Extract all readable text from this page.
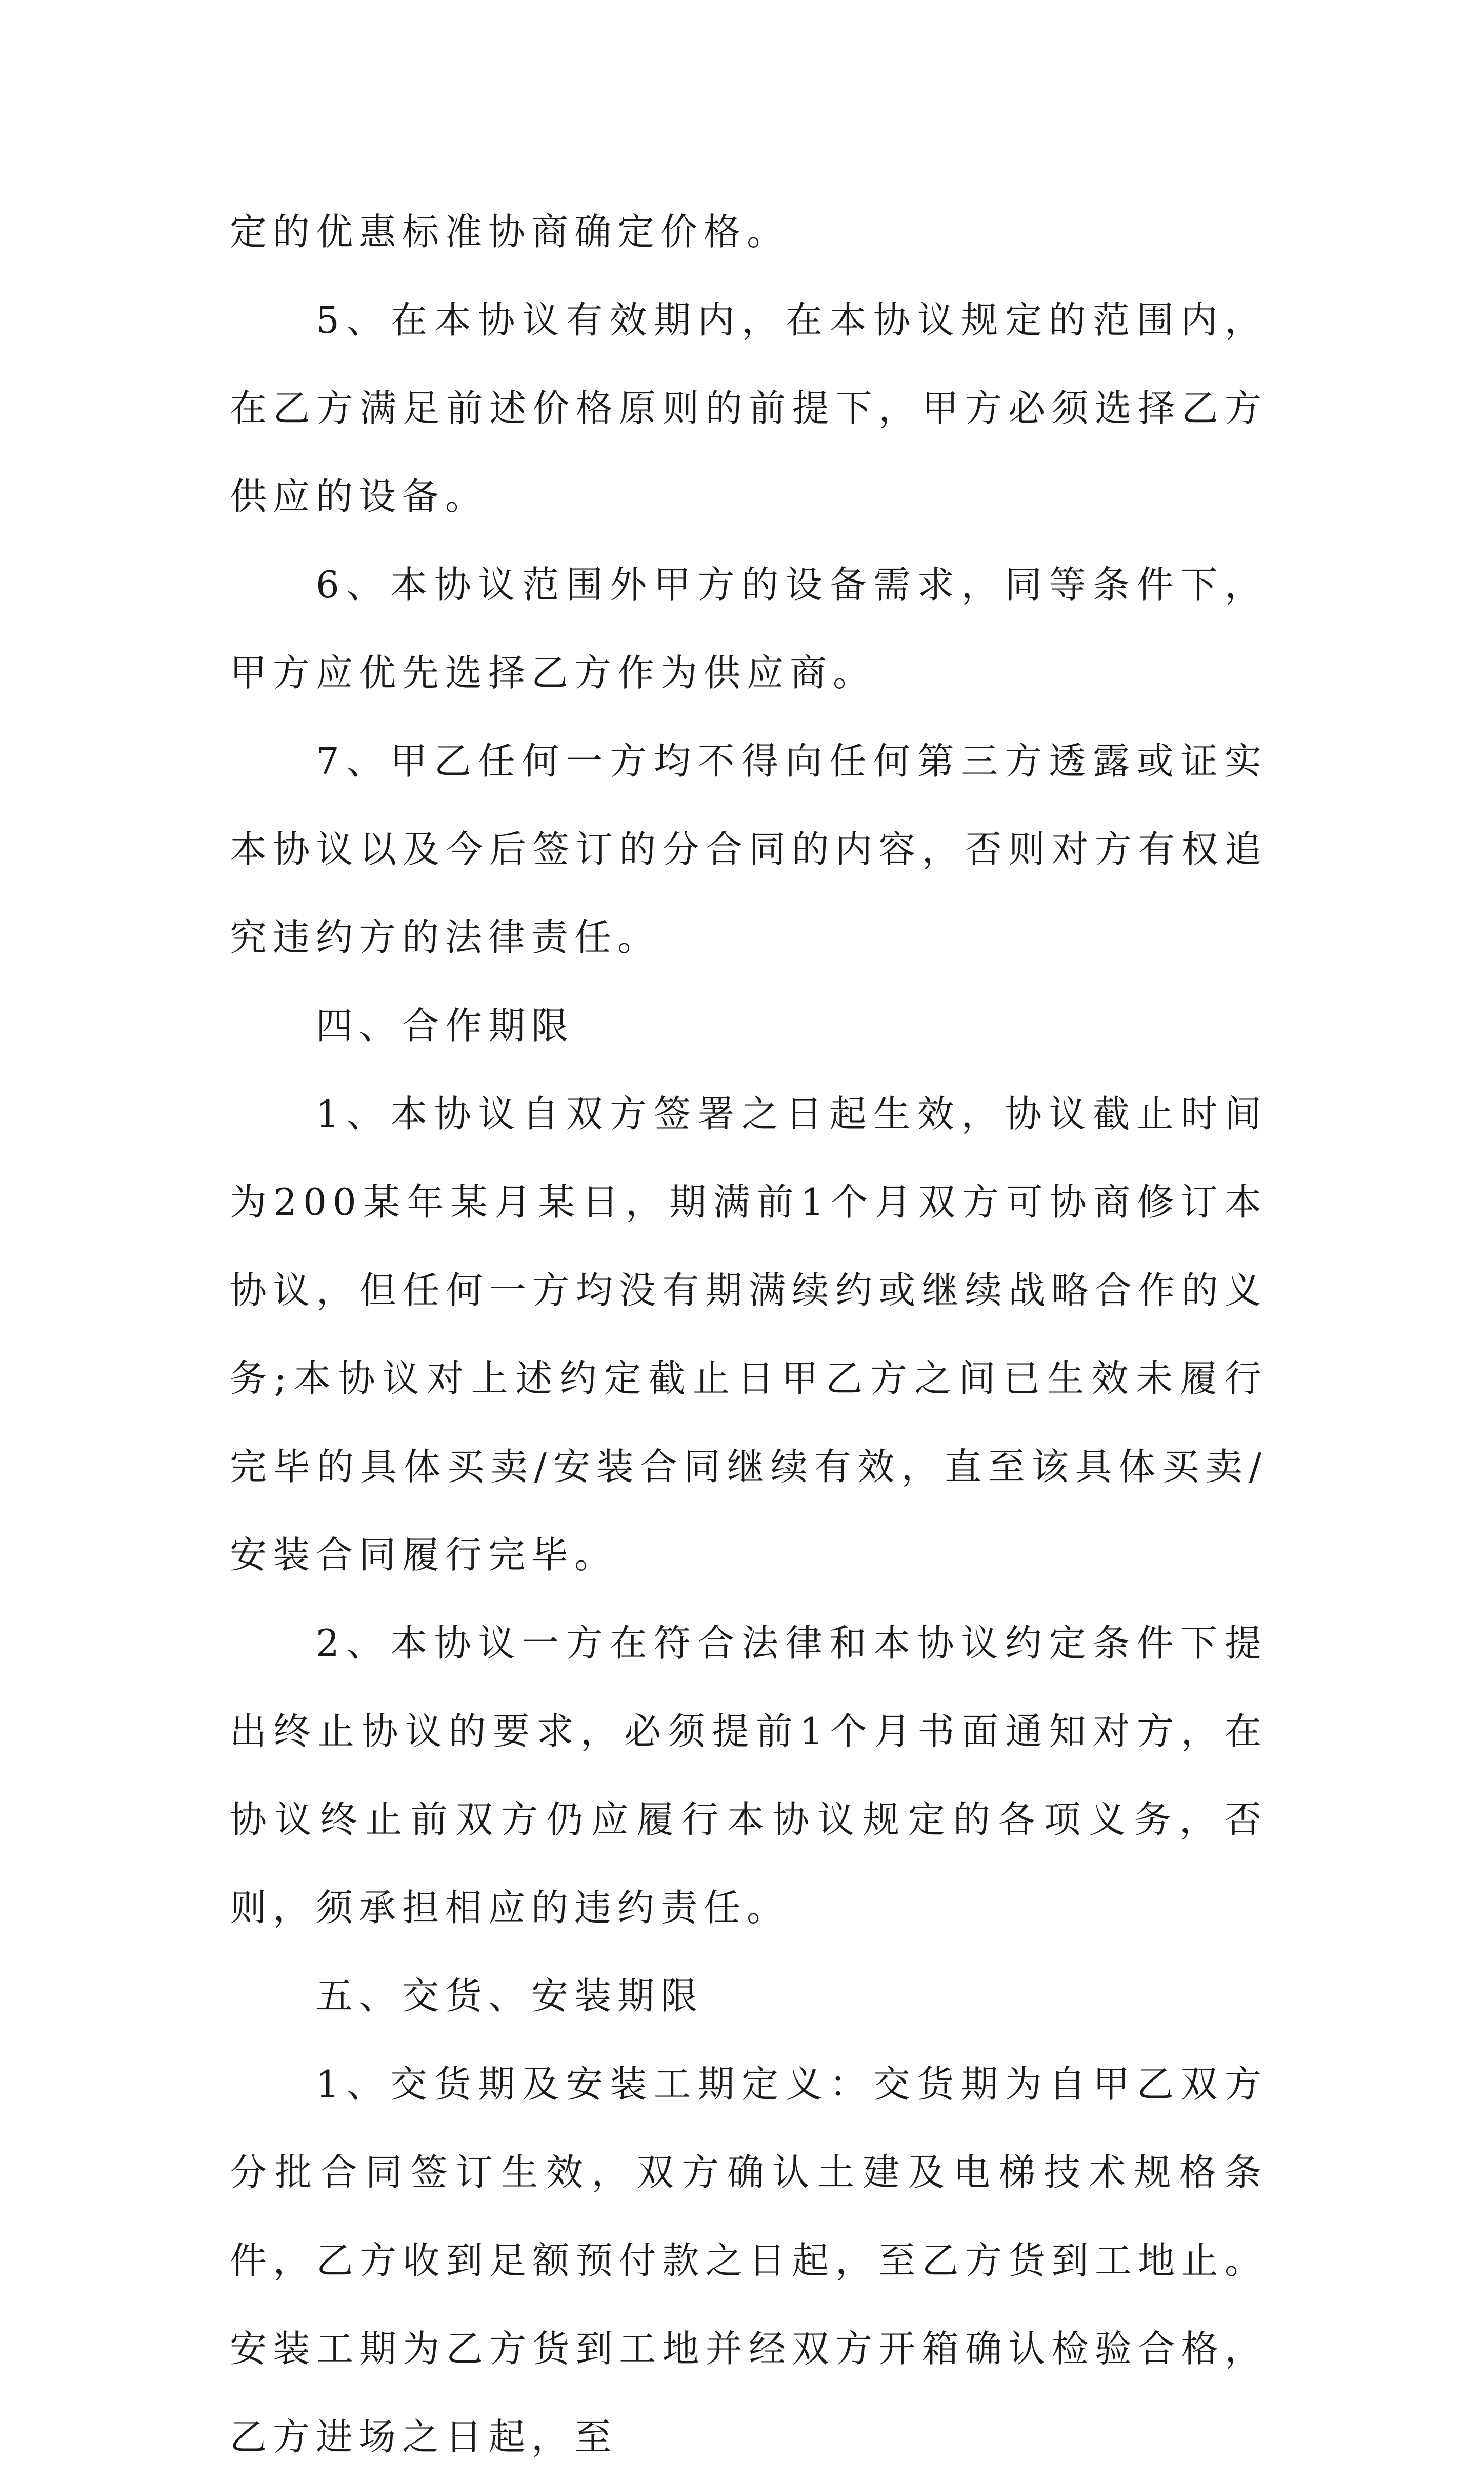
定的优惠标准协商确定价格。

5、在本协议有效期内，在本协议规定的范围内，在乙方满足前述价格原则的前提下，甲方必须选择乙方供应的设备。

6、本协议范围外甲方的设备需求，同等条件下，甲方应优先选择乙方作为供应商。

7、甲乙任何一方均不得向任何第三方透露或证实本协议以及今后签订的分合同的内容，否则对方有权追究违约方的法律责任。

四、合作期限

1、本协议自双方签署之日起生效，协议截止时间为200某年某月某日，期满前1个月双方可协商修订本协议，但任何一方均没有期满续约或继续战略合作的义务;本协议对上述约定截止日甲乙方之间已生效未履行完毕的具体买卖/安装合同继续有效，直至该具体买卖/安装合同履行完毕。

2、本协议一方在符合法律和本协议约定条件下提出终止协议的要求，必须提前1个月书面通知对方，在协议终止前双方仍应履行本协议规定的各项义务，否则，须承担相应的违约责任。

五、交货、安装期限

1、交货期及安装工期定义：交货期为自甲乙双方分批合同签订生效，双方确认土建及电梯技术规格条件，乙方收到足额预付款之日起，至乙方货到工地止。安装工期为乙方货到工地并经双方开箱确认检验合格，乙方进场之日起，至
